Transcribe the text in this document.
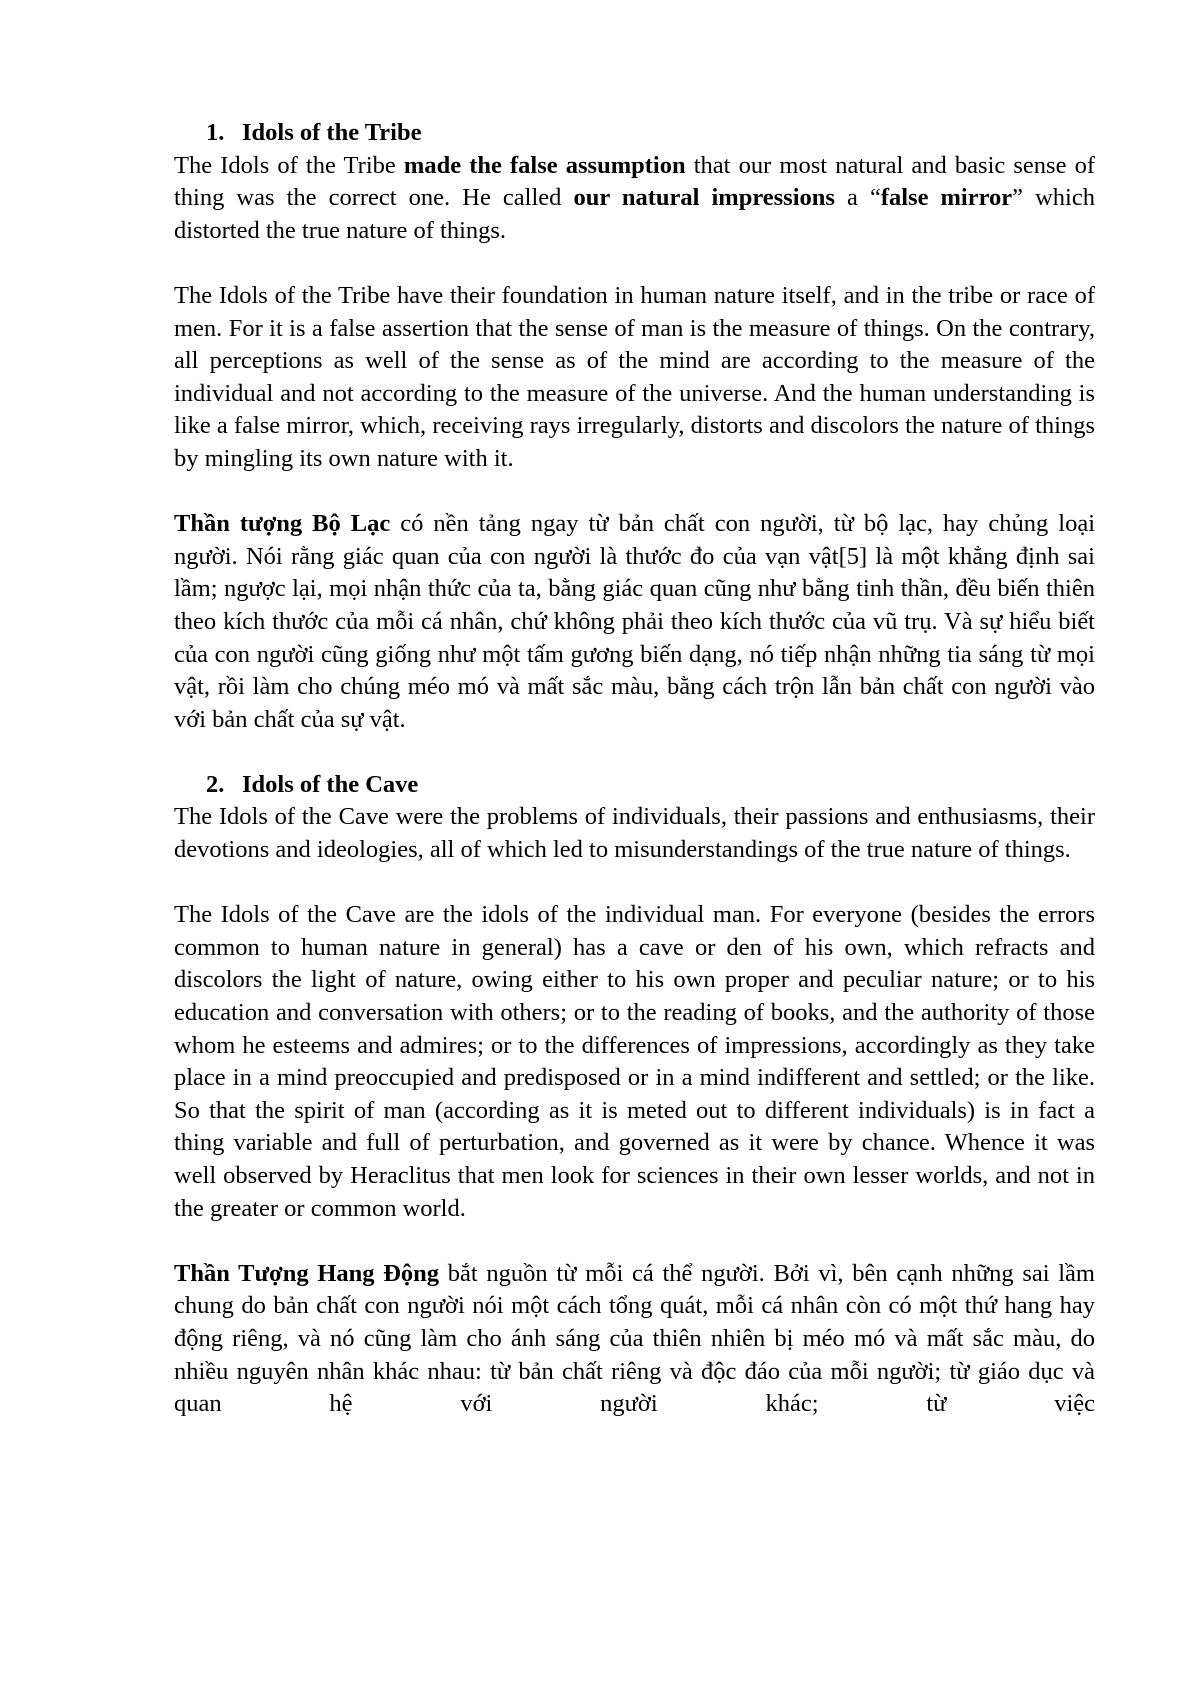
1. Idols of the Tribe

The Idols of the Tribe made the false assumption that our most natural and basic sense of thing was the correct one. He called our natural impressions a “false mirror” which distorted the true nature of things.

The Idols of the Tribe have their foundation in human nature itself, and in the tribe or race of men. For it is a false assertion that the sense of man is the measure of things. On the contrary, all perceptions as well of the sense as of the mind are according to the measure of the individual and not according to the measure of the universe. And the human understanding is like a false mirror, which, receiving rays irregularly, distorts and discolors the nature of things by mingling its own nature with it.

Thần tượng Bộ Lạc có nền tảng ngay từ bản chất con người, từ bộ lạc, hay chủng loại người. Nói rằng giác quan của con người là thước đo của vạn vật[5] là một khẳng định sai lầm; ngược lại, mọi nhận thức của ta, bằng giác quan cũng như bằng tinh thần, đều biến thiên theo kích thước của mỗi cá nhân, chứ không phải theo kích thước của vũ trụ. Và sự hiểu biết của con người cũng giống như một tấm gương biến dạng, nó tiếp nhận những tia sáng từ mọi vật, rồi làm cho chúng méo mó và mất sắc màu, bằng cách trộn lẫn bản chất con người vào với bản chất của sự vật.

2. Idols of the Cave

The Idols of the Cave were the problems of individuals, their passions and enthusiasms, their devotions and ideologies, all of which led to misunderstandings of the true nature of things.

The Idols of the Cave are the idols of the individual man. For everyone (besides the errors common to human nature in general) has a cave or den of his own, which refracts and discolors the light of nature, owing either to his own proper and peculiar nature; or to his education and conversation with others; or to the reading of books, and the authority of those whom he esteems and admires; or to the differences of impressions, accordingly as they take place in a mind preoccupied and predisposed or in a mind indifferent and settled; or the like. So that the spirit of man (according as it is meted out to different individuals) is in fact a thing variable and full of perturbation, and governed as it were by chance. Whence it was well observed by Heraclitus that men look for sciences in their own lesser worlds, and not in the greater or common world.

Thần Tượng Hang Động bắt nguồn từ mỗi cá thể người. Bởi vì, bên cạnh những sai lầm chung do bản chất con người nói một cách tổng quát, mỗi cá nhân còn có một thứ hang hay động riêng, và nó cũng làm cho ánh sáng của thiên nhiên bị méo mó và mất sắc màu, do nhiều nguyên nhân khác nhau: từ bản chất riêng và độc đáo của mỗi người; từ giáo dục và quan hệ với người khác; từ việc
